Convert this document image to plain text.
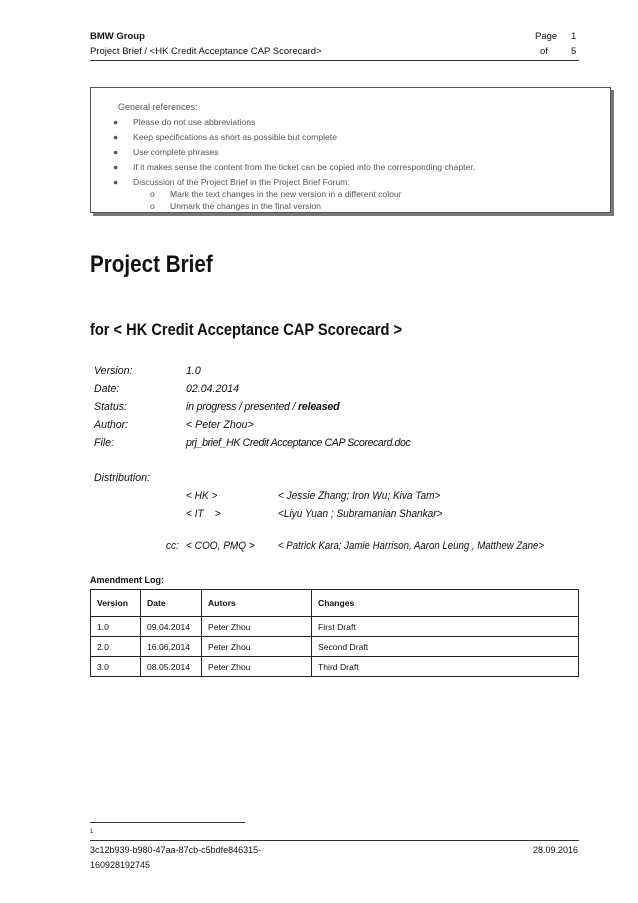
BMW Group	Page 1
Project Brief / <HK Credit Acceptance CAP Scorecard>	of 5
General references:
● Please do not use abbreviations
● Keep specifications as short as possible but complete
● Use complete phrases
● If it makes sense the content from the ticket can be copied into the corresponding chapter.
● Discussion of the Project Brief in the Project Brief Forum:
o Mark the text changes in the new version in a different colour
o Unmark the changes in the final version
Project Brief
for < HK Credit Acceptance CAP Scorecard >
Version:	1.0
Date:	02.04.2014
Status:	in progress / presented / released
Author:	< Peter Zhou>
File:	prj_brief_HK Credit Acceptance CAP Scorecard.doc
Distribution:
< HK >	< Jessie Zhang; Iron Wu; Kiva Tam>
< IT    >	<Liyu Yuan ; Subramanian Shankar>
cc: < COO, PMQ > < Patrick Kara; Jamie Harrison, Aaron Leung , Matthew Zane>
Amendment Log:
Version	Date	Autors	Changes
1.0	09.04.2014	Peter Zhou	First Draft
2.0	16.06.2014	Peter Zhou	Second Draft
3.0	08.05.2014	Peter Zhou	Third Draft
1
3c12b939-b980-47aa-87cb-c5bdfe846315-
160928192745
28.09.2016
